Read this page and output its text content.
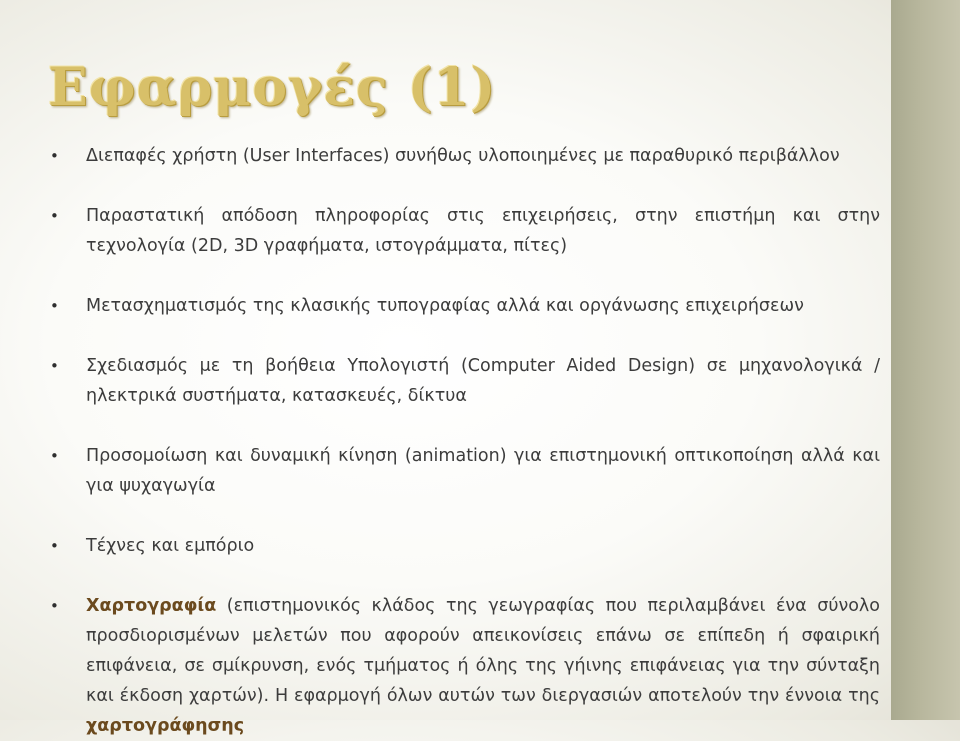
Εφαρμογές (1)
• Διεπαφές χρήστη (User Interfaces) συνήθως υλοποιημένες με παραθυρικό περιβάλλον
• Παραστατική απόδοση πληροφορίας στις επιχειρήσεις, στην επιστήμη και στην τεχνολογία (2D, 3D γραφήματα, ιστογράμματα, πίτες)
• Μετασχηματισμός της κλασικής τυπογραφίας αλλά και οργάνωσης επιχειρήσεων
• Σχεδιασμός με τη βοήθεια Υπολογιστή (Computer Aided Design) σε μηχανολογικά / ηλεκτρικά συστήματα, κατασκευές, δίκτυα
• Προσομοίωση και δυναμική κίνηση (animation) για επιστημονική οπτικοποίηση αλλά και για ψυχαγωγία
• Τέχνες και εμπόριο
• Χαρτογραφία (επιστημονικός κλάδος της γεωγραφίας που περιλαμβάνει ένα σύνολο προσδιορισμένων μελετών που αφορούν απεικονίσεις επάνω σε επίπεδη ή σφαιρική επιφάνεια, σε σμίκρυνση, ενός τμήματος ή όλης της γήινης επιφάνειας για την σύνταξη και έκδοση χαρτών). Η εφαρμογή όλων αυτών των διεργασιών αποτελούν την έννοια της χαρτογράφησης
